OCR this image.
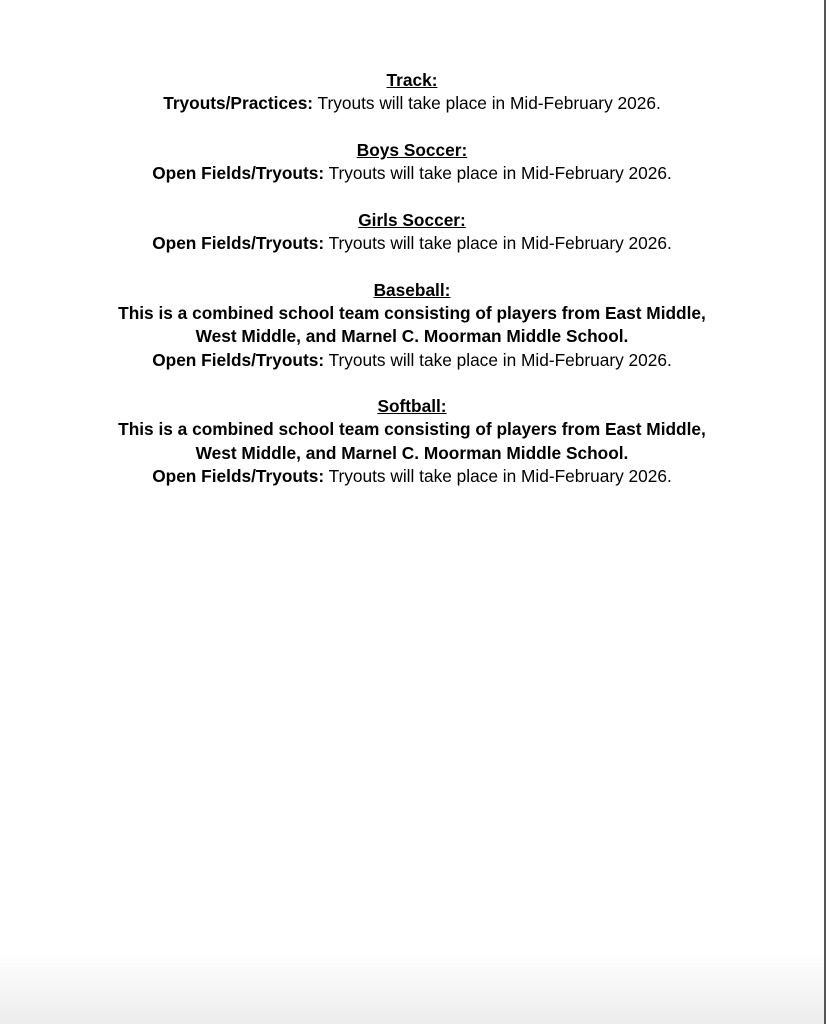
Track:
Tryouts/Practices: Tryouts will take place in Mid-February 2026.
Boys Soccer:
Open Fields/Tryouts: Tryouts will take place in Mid-February 2026.
Girls Soccer:
Open Fields/Tryouts: Tryouts will take place in Mid-February 2026.
Baseball:
This is a combined school team consisting of players from East Middle,
West Middle, and Marnel C. Moorman Middle School.
Open Fields/Tryouts: Tryouts will take place in Mid-February 2026.
Softball:
This is a combined school team consisting of players from East Middle,
West Middle, and Marnel C. Moorman Middle School.
Open Fields/Tryouts: Tryouts will take place in Mid-February 2026.
